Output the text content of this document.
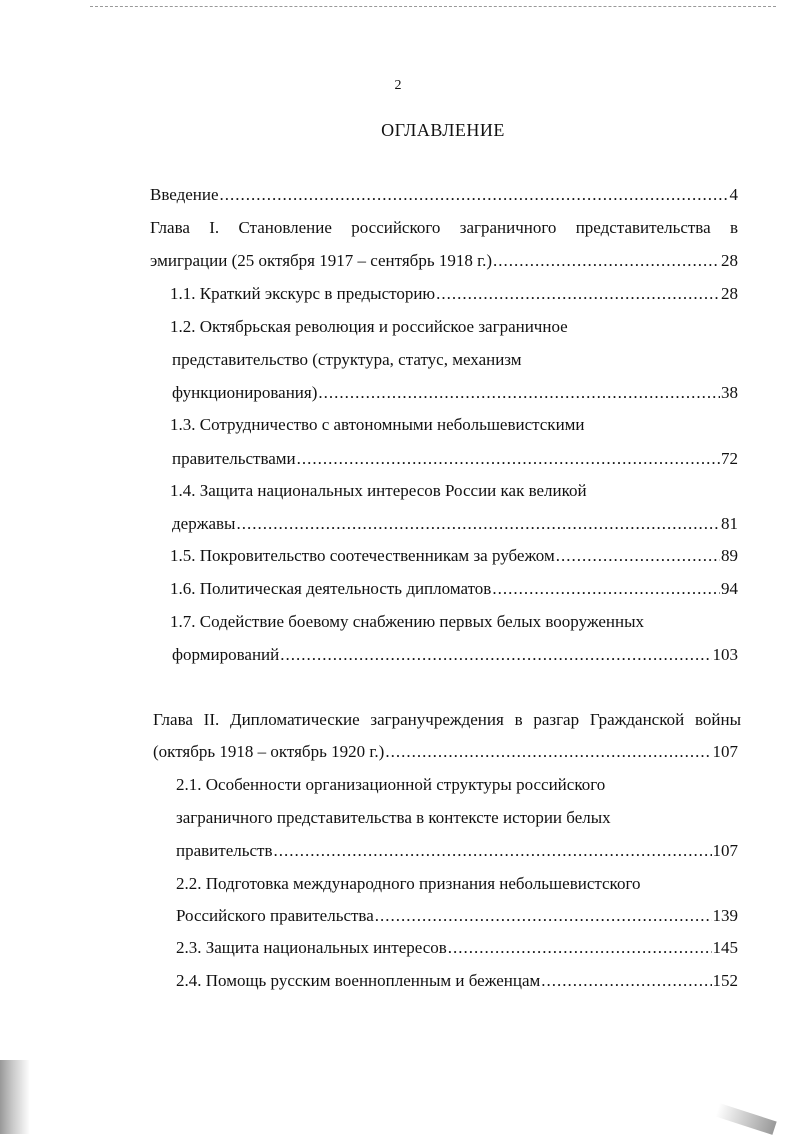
2
ОГЛАВЛЕНИЕ
Введение .....	4
Глава I. Становление российского заграничного представительства в
эмиграции (25 октября 1917 – сентябрь 1918 г.) .....	28
1.1. Краткий экскурс в предысторию .....	28
1.2. Октябрьская революция и российское заграничное
представительство (структура, статус, механизм
функционирования) .....	38
1.3. Сотрудничество с автономными небольшевистскими
правительствами .....	72
1.4. Защита национальных интересов России как великой
державы .....	81
1.5. Покровительство соотечественникам за рубежом .....	89
1.6. Политическая деятельность дипломатов .....	94
1.7. Содействие боевому снабжению первых белых вооруженных
формирований .....	103
Глава II. Дипломатические загранучреждения в разгар Гражданской войны
(октябрь 1918 – октябрь 1920 г.) .....	107
2.1. Особенности организационной структуры российского
заграничного представительства в контексте истории белых
правительств .....	107
2.2. Подготовка международного признания небольшевистского
Российского правительства .....	139
2.3. Защита национальных интересов .....	145
2.4. Помощь русским военнопленным и беженцам .....	152
